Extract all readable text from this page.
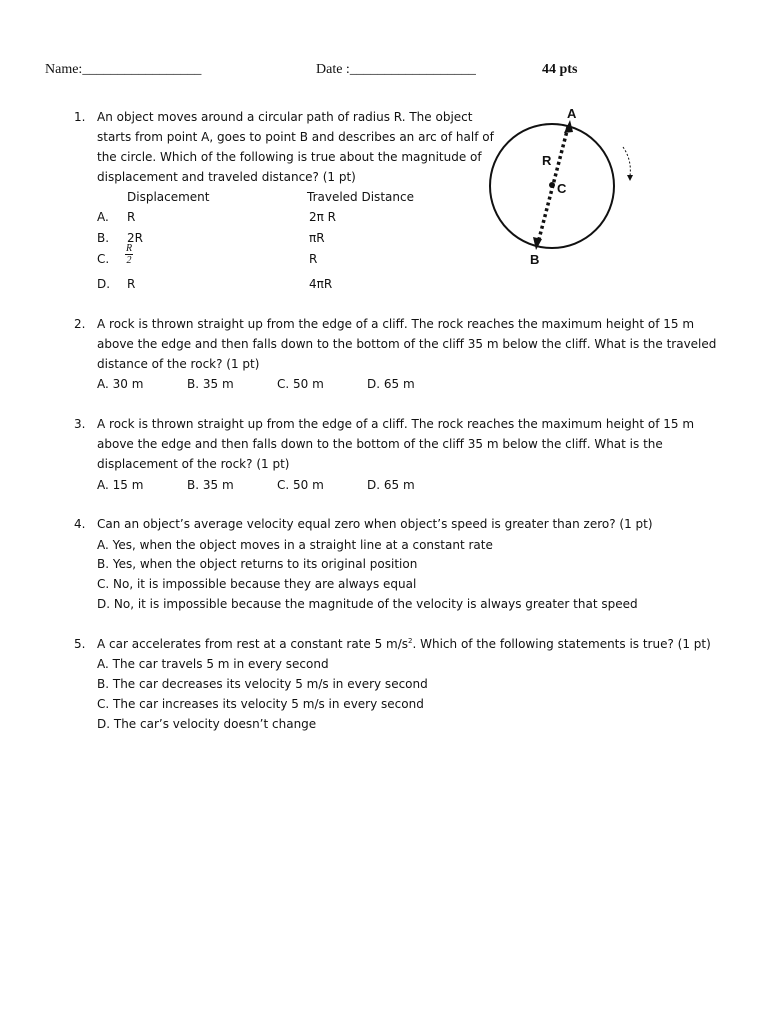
Name:_________________	Date :__________________	44 pts
1. An object moves around a circular path of radius R. The object
starts from point A, goes to point B and describes an arc of half of
the circle. Which of the following is true about the magnitude of
displacement and traveled distance? (1 pt)
Displacement	Traveled Distance
A. R	2π R
B. 2R	πR
C. $\frac{R}{2}$	R
D. R	4πR
A
B
R
C
2. A rock is thrown straight up from the edge of a cliff. The rock reaches the maximum height of 15 m
above the edge and then falls down to the bottom of the cliff 35 m below the cliff. What is the traveled
distance of the rock? (1 pt)
A. 30 m	B. 35 m	C. 50 m	D. 65 m
3. A rock is thrown straight up from the edge of a cliff. The rock reaches the maximum height of 15 m
above the edge and then falls down to the bottom of the cliff 35 m below the cliff. What is the
displacement of the rock? (1 pt)
A. 15 m	B. 35 m	C. 50 m	D. 65 m
4. Can an object’s average velocity equal zero when object’s speed is greater than zero? (1 pt)
A. Yes, when the object moves in a straight line at a constant rate
B. Yes, when the object returns to its original position
C. No, it is impossible because they are always equal
D. No, it is impossible because the magnitude of the velocity is always greater that speed
5. A car accelerates from rest at a constant rate 5 $m/s^2$. Which of the following statements is true? (1 pt)
A. The car travels 5 m in every second
B. The car decreases its velocity 5 m/s in every second
C. The car increases its velocity 5 m/s in every second
D. The car’s velocity doesn’t change
